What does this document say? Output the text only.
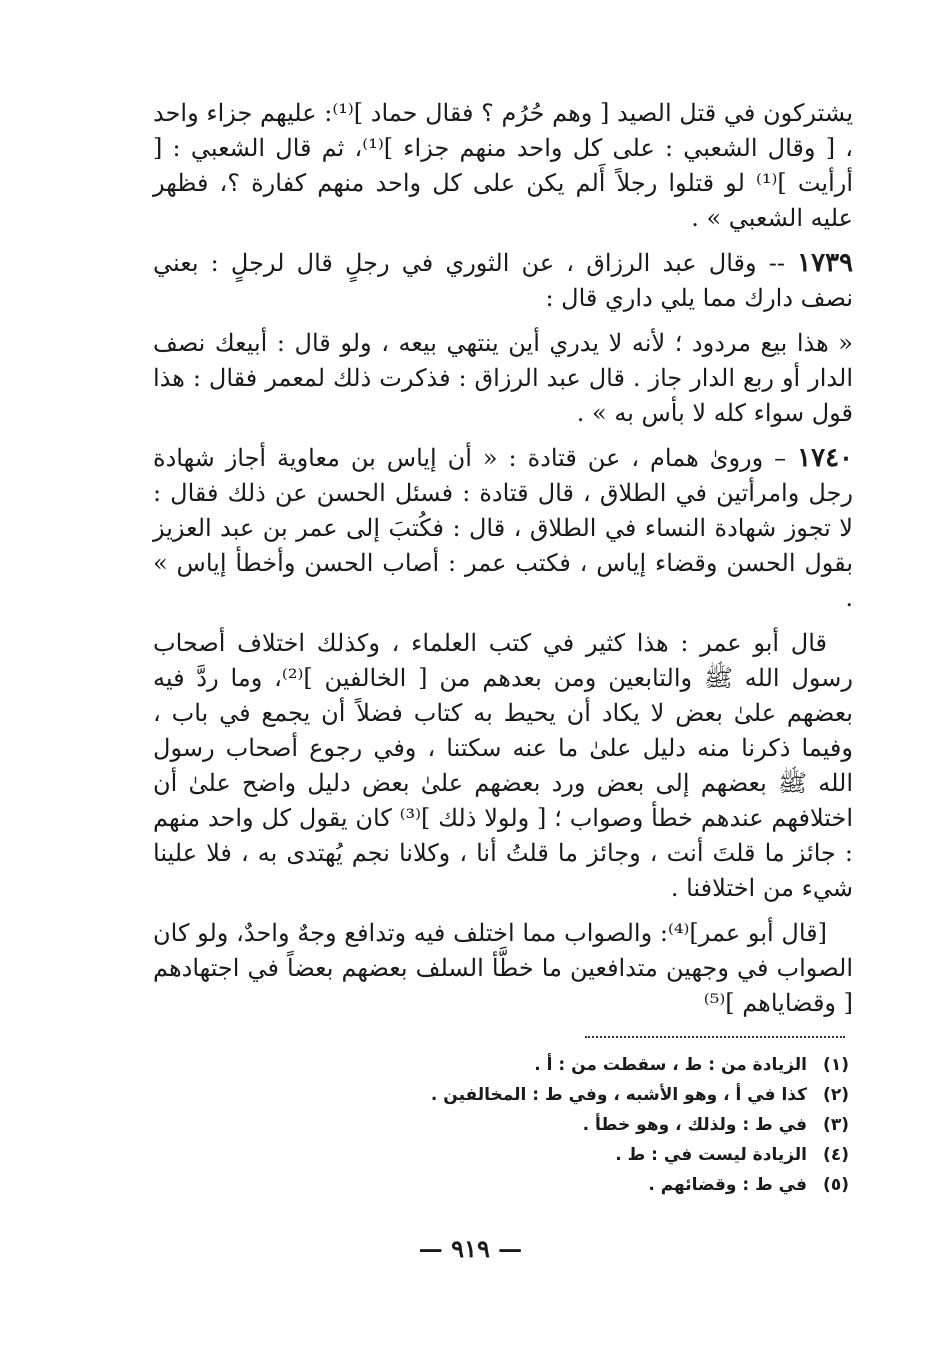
يشتركون في قتل الصيد [ وهم حُرُم ؟ فقال حماد ]⁽¹⁾: عليهم جزاء واحد ، [ وقال الشعبي : على كل واحد منهم جزاء ]⁽¹⁾، ثم قال الشعبي : [ أرأيت ]⁽¹⁾ لو قتلوا رجلاً أَلم يكن على كل واحد منهم كفارة ؟، فظهر عليه الشعبي » .

١٧٣٩ -- وقال عبد الرزاق ، عن الثوري في رجلٍ قال لرجلٍ : بعني نصف دارك مما يلي داري قال :

« هذا بيع مردود ؛ لأنه لا يدري أين ينتهي بيعه ، ولو قال : أبيعك نصف الدار أو ربع الدار جاز . قال عبد الرزاق : فذكرت ذلك لمعمر فقال : هذا قول سواء كله لا بأس به » .

١٧٤٠ – وروىٰ همام ، عن قتادة : « أن إياس بن معاوية أجاز شهادة رجل وامرأتين في الطلاق ، قال قتادة : فسئل الحسن عن ذلك فقال : لا تجوز شهادة النساء في الطلاق ، قال : فكُتبَ إلى عمر بن عبد العزيز بقول الحسن وقضاء إياس ، فكتب عمر : أصاب الحسن وأخطأ إياس » .

قال أبو عمر : هذا كثير في كتب العلماء ، وكذلك اختلاف أصحاب رسول الله ﷺ والتابعين ومن بعدهم من [ الخالفين ]⁽²⁾، وما ردَّ فيه بعضهم علىٰ بعض لا يكاد أن يحيط به كتاب فضلاً أن يجمع في باب ، وفيما ذكرنا منه دليل علىٰ ما عنه سكتنا ، وفي رجوع أصحاب رسول الله ﷺ بعضهم إلى بعض ورد بعضهم علىٰ بعض دليل واضح علىٰ أن اختلافهم عندهم خطأ وصواب ؛ [ ولولا ذلك ]⁽³⁾ كان يقول كل واحد منهم : جائز ما قلتَ أنت ، وجائز ما قلتُ أنا ، وكلانا نجم يُهتدى به ، فلا علينا شيء من اختلافنا .

[قال أبو عمر]⁽⁴⁾: والصواب مما اختلف فيه وتدافع وجهٌ واحدٌ، ولو كان الصواب في وجهين متدافعين ما خطَّأ السلف بعضهم بعضاً في اجتهادهم [ وقضاياهم ]⁽⁵⁾

(١)
الزيادة من : ط ، سقطت من : أ .
(٢)
كذا في أ ، وهو الأشبه ، وفي ط : المخالفين .
(٣)
في ط : ولذلك ، وهو خطأ .
(٤)
الزيادة ليست في : ط .
(٥)
في ط : وقضائهم .
— ٩١٩ —
